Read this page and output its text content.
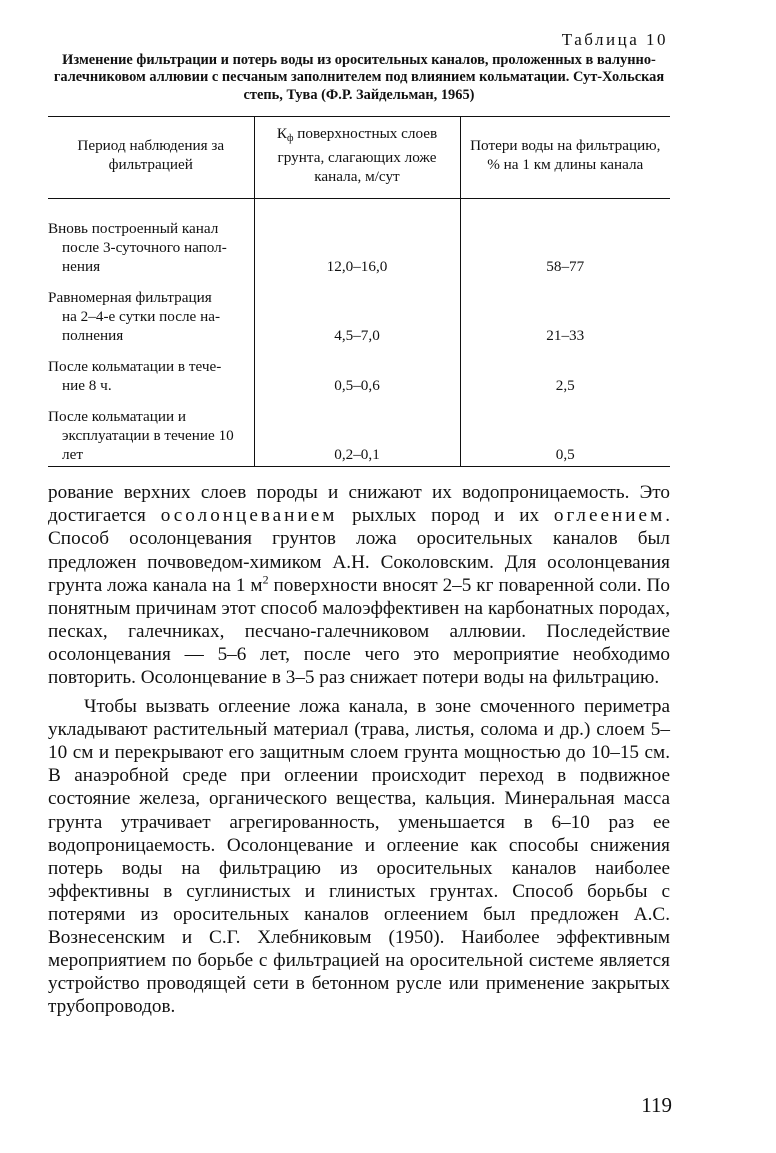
Таблица 10
Изменение фильтрации и потерь воды из оросительных каналов, проложенных в валунно-галечниковом аллювии с песчаным заполнителем под влиянием кольматации. Сут-Хольская степь, Тува (Ф.Р. Зайдельман, 1965)
Период наблюдения за фильтрацией	$К_ф$ поверхностных слоев грунта, слагающих ложе канала, м/сут	Потери воды на фильтрацию, % на 1 км длины канала

Вновь построенный канал
после 3-суточного напол-нения	12,0–16,0	58–77

Равномерная фильтрация
на 2–4-е сутки после на-полнения	4,5–7,0	21–33

После кольматации в тече-
ние 8 ч.	0,5–0,6	2,5

После кольматации и
эксплуатации в течение 10 лет	0,2–0,1	0,5

рование верхних слоев породы и снижают их водопроницаемость. Это достигается осолонцеванием рыхлых пород и их оглеением. Способ осолонцевания грунтов ложа оросительных каналов был предложен почвоведом-химиком А.Н. Соколовским. Для осолонцевания грунта ложа канала на 1 $м^2$ поверхности вносят 2–5 кг поваренной соли. По понятным причинам этот способ малоэффективен на карбонатных породах, песках, галечниках, песчано-галечниковом аллювии. Последействие осолонцевания — 5–6 лет, после чего это мероприятие необходимо повторить. Осолонцевание в 3–5 раз снижает потери воды на фильтрацию.

Чтобы вызвать оглеение ложа канала, в зоне смоченного периметра укладывают растительный материал (трава, листья, солома и др.) слоем 5–10 см и перекрывают его защитным слоем грунта мощностью до 10–15 см. В анаэробной среде при оглеении происходит переход в подвижное состояние железа, органического вещества, кальция. Минеральная масса грунта утрачивает агрегированность, уменьшается в 6–10 раз ее водопроницаемость. Осолонцевание и оглеение как способы снижения потерь воды на фильтрацию из оросительных каналов наиболее эффективны в суглинистых и глинистых грунтах. Способ борьбы с потерями из оросительных каналов оглеением был предложен А.С. Вознесенским и С.Г. Хлебниковым (1950). Наиболее эффективным мероприятием по борьбе с фильтрацией на оросительной системе является устройство проводящей сети в бетонном русле или применение закрытых трубопроводов.

119
